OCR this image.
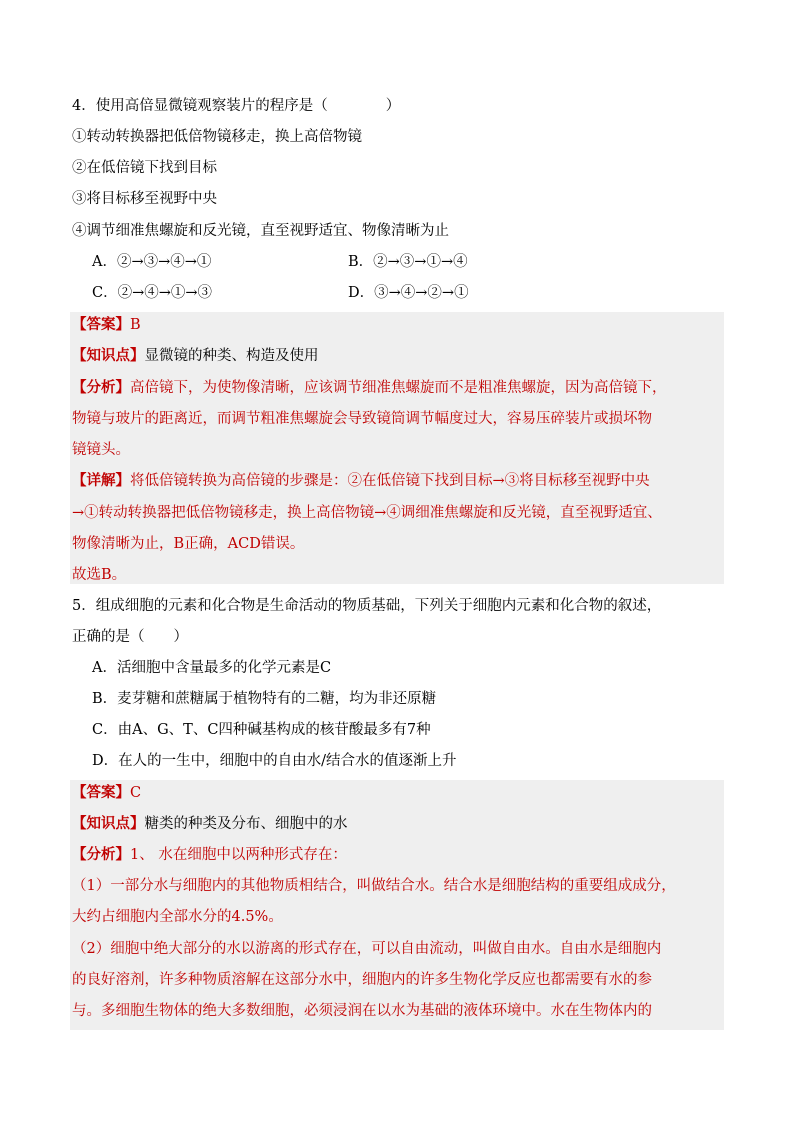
4．使用高倍显微镜观察装片的程序是（　　　　）
①转动转换器把低倍物镜移走，换上高倍物镜
②在低倍镜下找到目标
③将目标移至视野中央
④调节细准焦螺旋和反光镜，直至视野适宜、物像清晰为止
A．②→③→④→①	B．②→③→①→④
C．②→④→①→③	D．③→④→②→①
【答案】B
【知识点】显微镜的种类、构造及使用
【分析】高倍镜下，为使物像清晰，应该调节细准焦螺旋而不是粗准焦螺旋，因为高倍镜下，
物镜与玻片的距离近，而调节粗准焦螺旋会导致镜筒调节幅度过大，容易压碎装片或损坏物
镜镜头。
【详解】将低倍镜转换为高倍镜的步骤是：②在低倍镜下找到目标→③将目标移至视野中央
→①转动转换器把低倍物镜移走，换上高倍物镜→④调细准焦螺旋和反光镜，直至视野适宜、
物像清晰为止，B正确，ACD错误。
故选B。
5．组成细胞的元素和化合物是生命活动的物质基础，下列关于细胞内元素和化合物的叙述，
正确的是（　　）
A．活细胞中含量最多的化学元素是C
B．麦芽糖和蔗糖属于植物特有的二糖，均为非还原糖
C．由A、G、T、C四种碱基构成的核苷酸最多有7种
D．在人的一生中，细胞中的自由水/结合水的值逐渐上升
【答案】C
【知识点】糖类的种类及分布、细胞中的水
【分析】1、 水在细胞中以两种形式存在：
（1）一部分水与细胞内的其他物质相结合，叫做结合水。结合水是细胞结构的重要组成成分，
大约占细胞内全部水分的4.5%。
（2）细胞中绝大部分的水以游离的形式存在，可以自由流动，叫做自由水。自由水是细胞内
的良好溶剂，许多种物质溶解在这部分水中，细胞内的许多生物化学反应也都需要有水的参
与。多细胞生物体的绝大多数细胞，必须浸润在以水为基础的液体环境中。水在生物体内的
